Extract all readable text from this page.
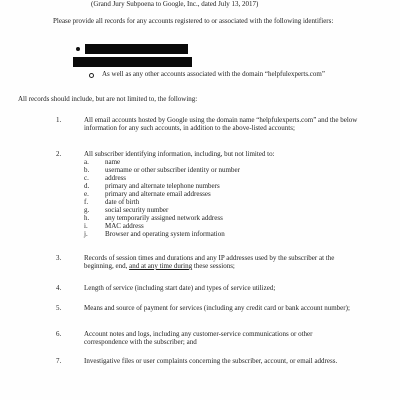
(Grand Jury Subpoena to Google, Inc., dated July 13, 2017)
Please provide all records for any accounts registered to or associated with the following identifiers:
As well as any other accounts associated with the domain “helpfulexperts.com”
All records should include, but are not limited to, the following:
1.	All email accounts hosted by Google using the domain name “helpfulexperts.com” and the below information for any such accounts, in addition to the above-listed accounts;
2.	All subscriber identifying information, including, but not limited to:
a. name
b. username or other subscriber identity or number
c. address
d. primary and alternate telephone numbers
e. primary and alternate email addresses
f. date of birth
g. social security number
h. any temporarily assigned network address
i. MAC address
j. Browser and operating system information
3.	Records of session times and durations and any IP addresses used by the subscriber at the beginning, end, and at any time during these sessions;
4.	Length of service (including start date) and types of service utilized;
5.	Means and source of payment for services (including any credit card or bank account number);
6.	Account notes and logs, including any customer-service communications or other correspondence with the subscriber; and
7.	Investigative files or user complaints concerning the subscriber, account, or email address.
